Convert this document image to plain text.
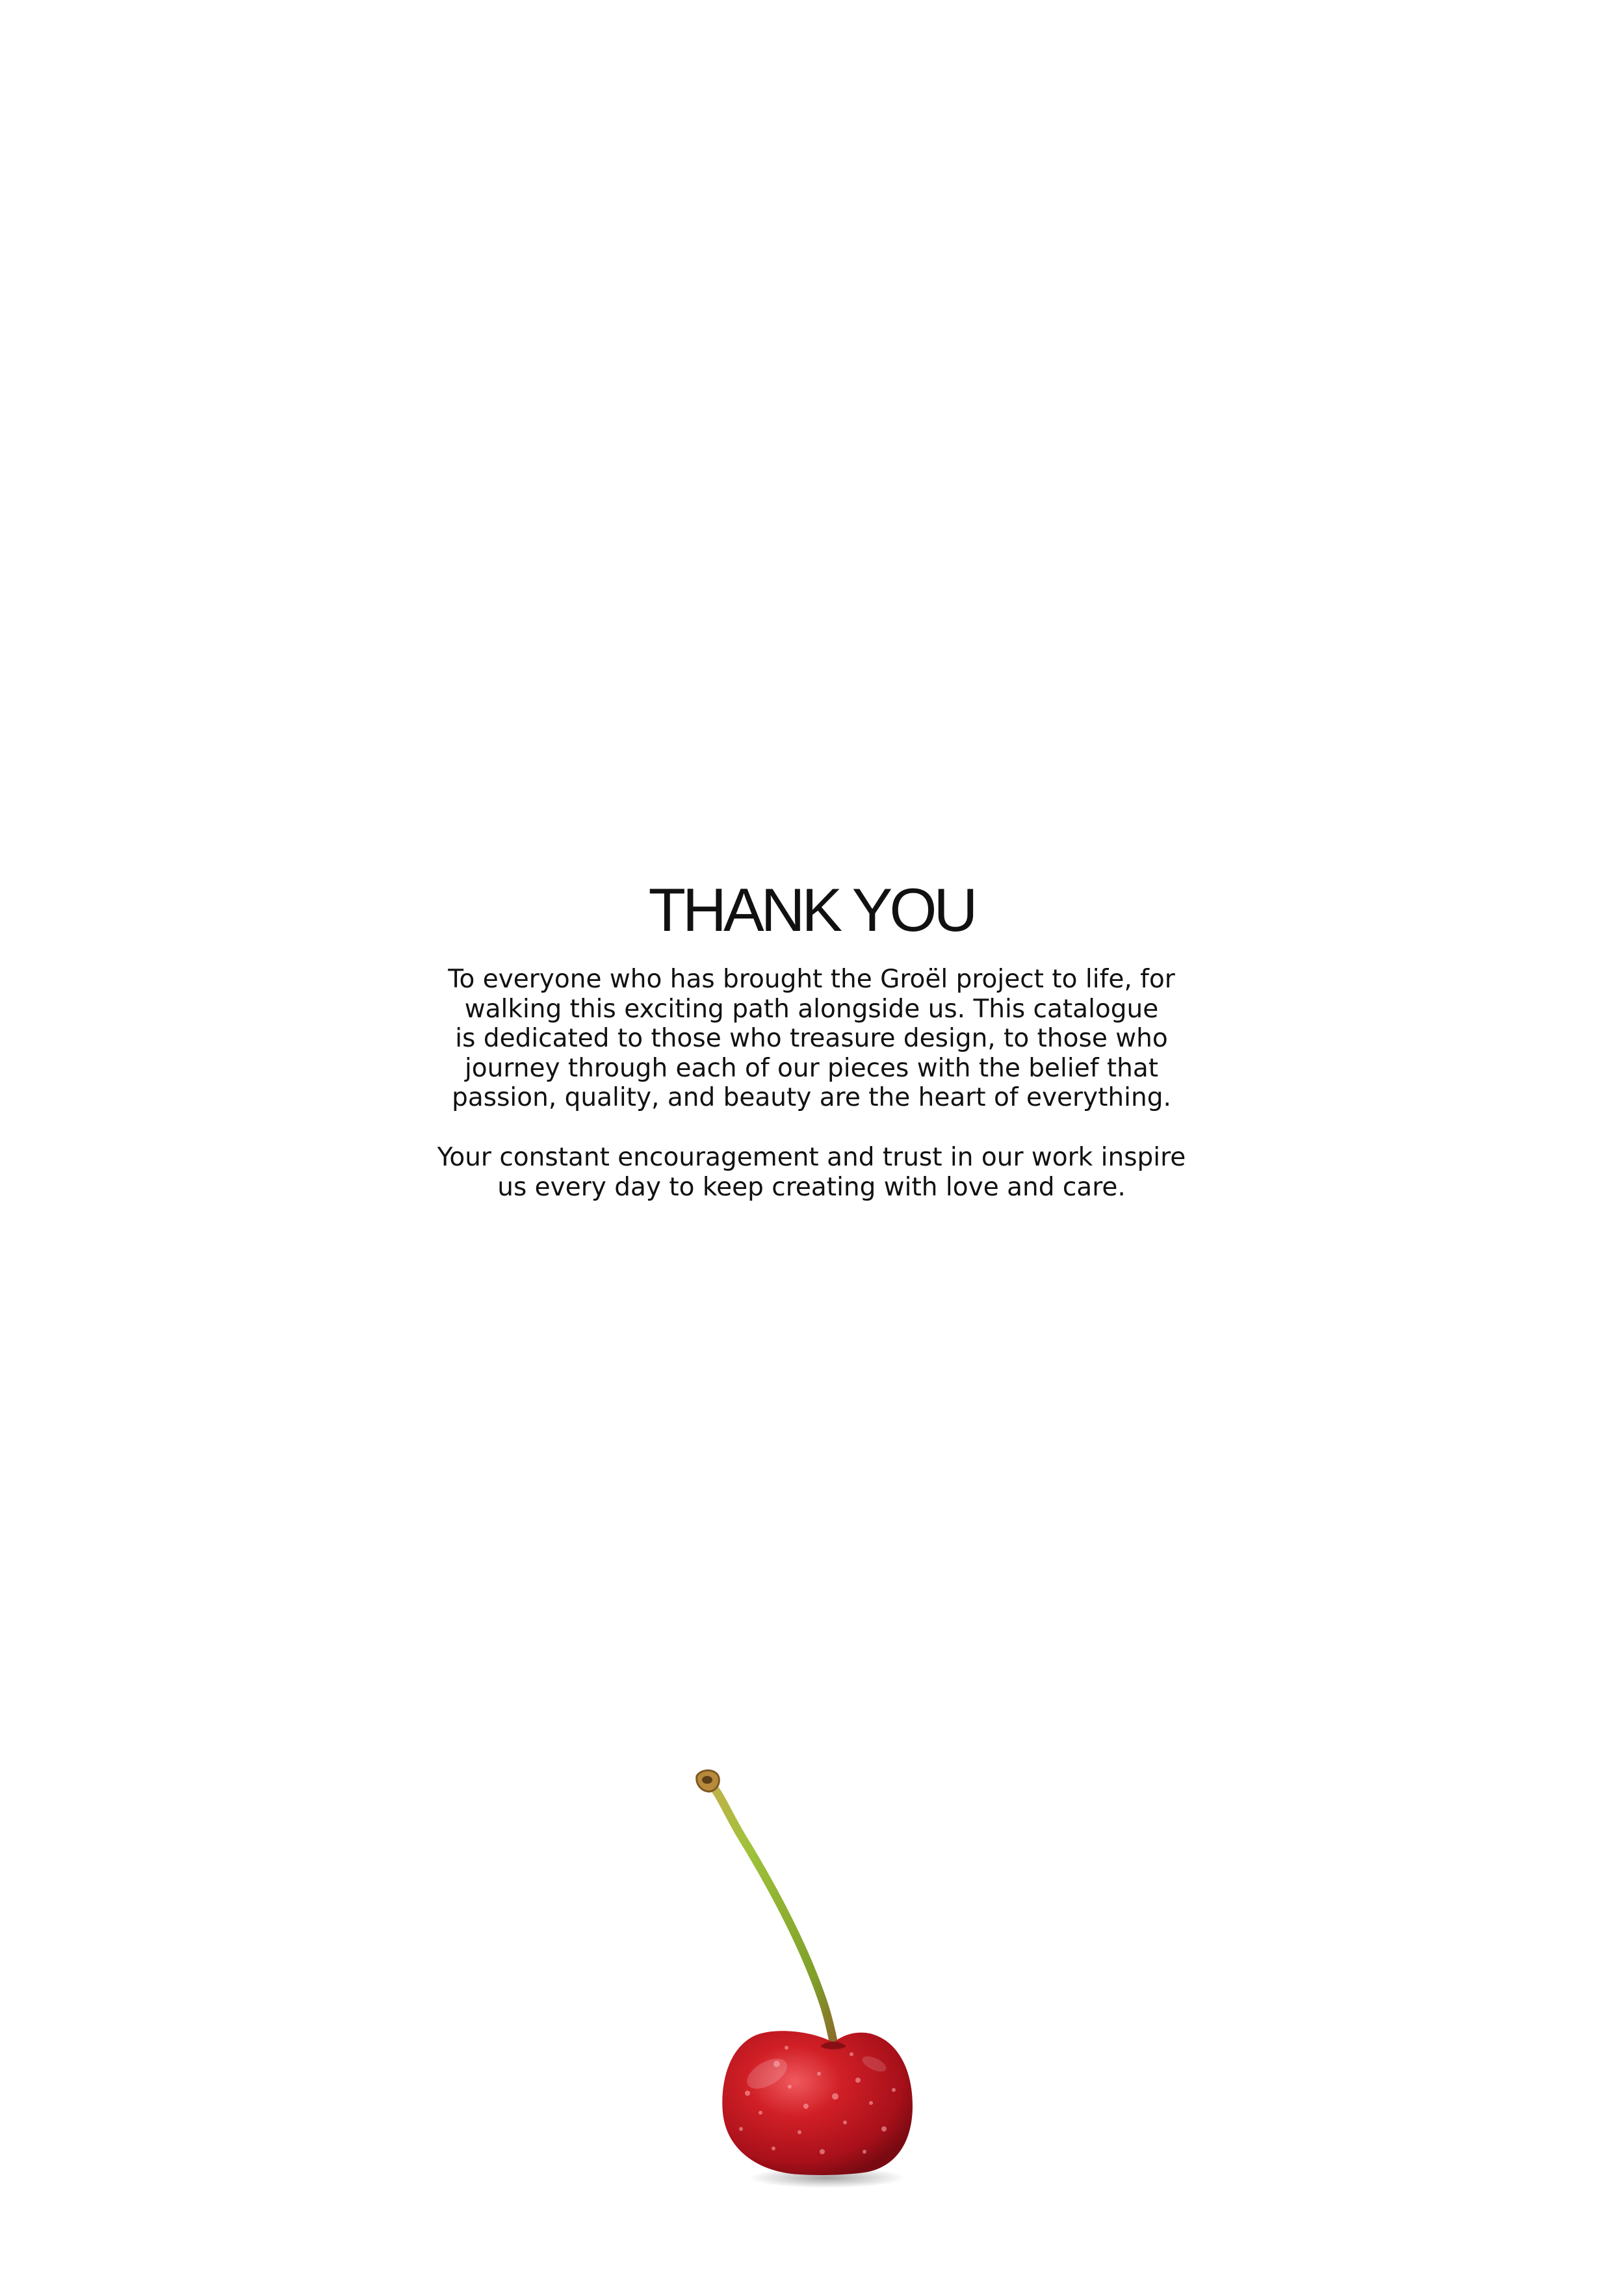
THANK YOU

To everyone who has brought the Groël project to life, for
walking this exciting path alongside us. This catalogue
is dedicated to those who treasure design, to those who
journey through each of our pieces with the belief that
passion, quality, and beauty are the heart of everything.

Your constant encouragement and trust in our work inspire
us every day to keep creating with love and care.
